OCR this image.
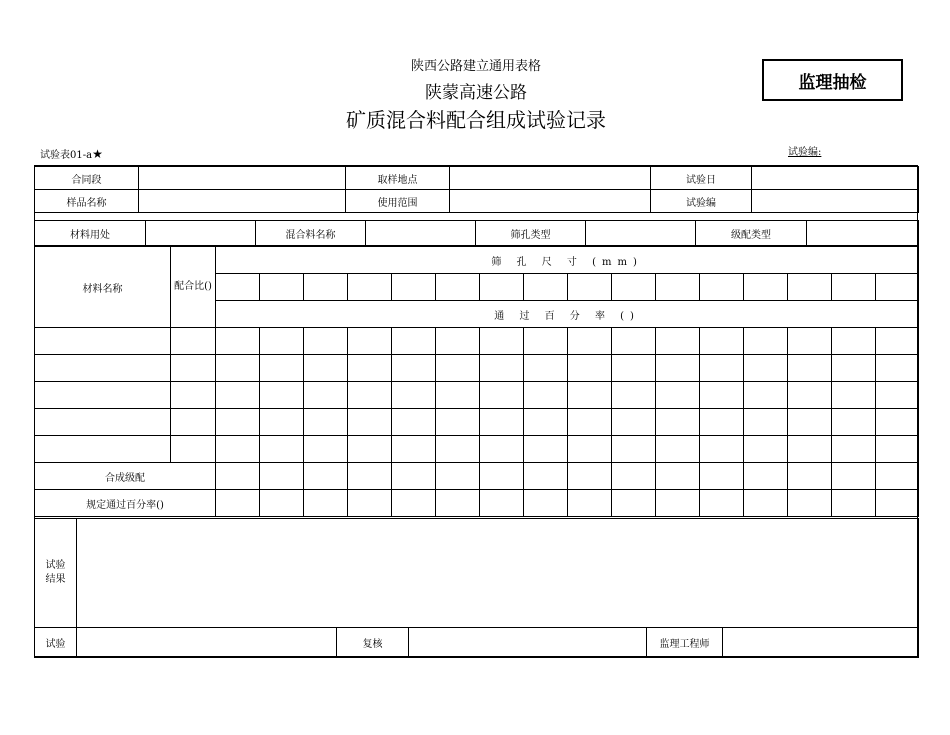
陕西公路建立通用表格
陕蒙高速公路
矿质混合料配合组成试验记录
监理抽检
试验表01-a★	试验编:
合同段		取样地点		试验日	
样品名称		使用范围		试验编	
材料用处		混合料名称		筛孔类型		级配类型	
材料名称	配合比()	筛 孔 尺 寸 (mm)															

		通 过 百 分 率 ()															

合成级配																	
规定通过百分率()																	
试验结果					
试验		复核		监理工程师	
